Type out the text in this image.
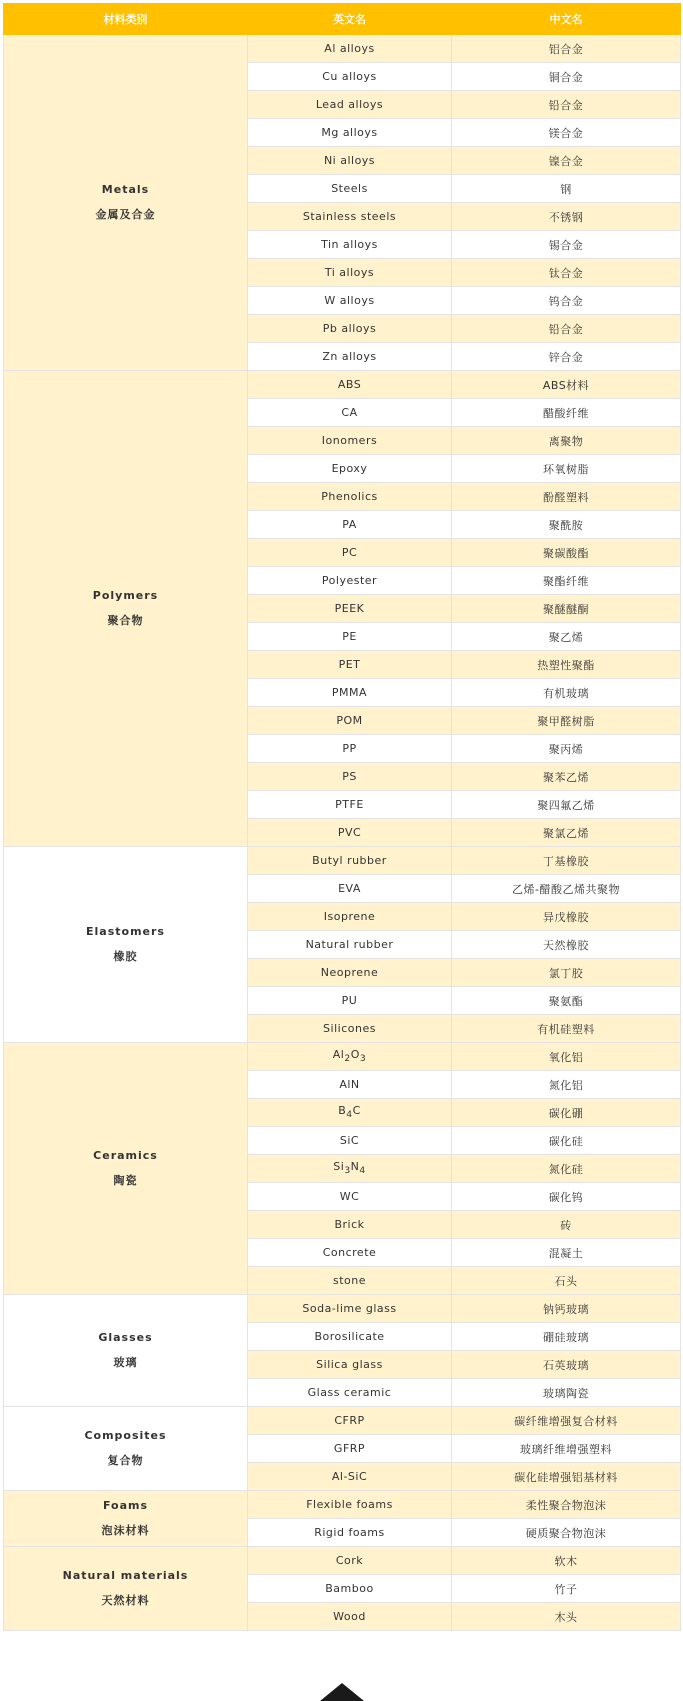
材料类别	英文名	中文名

Metals
金属及合金	Al alloys	铝合金
	Cu alloys	铜合金
	Lead alloys	铅合金
	Mg alloys	镁合金
	Ni alloys	镍合金
	Steels	钢
	Stainless steels	不锈钢
	Tin alloys	锡合金
	Ti alloys	钛合金
	W alloys	钨合金
	Pb alloys	铅合金
	Zn alloys	锌合金

Polymers
聚合物	ABS	ABS材料
	CA	醋酸纤维
	Ionomers	离聚物
	Epoxy	环氧树脂
	Phenolics	酚醛塑料
	PA	聚酰胺
	PC	聚碳酸酯
	Polyester	聚酯纤维
	PEEK	聚醚醚酮
	PE	聚乙烯
	PET	热塑性聚酯
	PMMA	有机玻璃
	POM	聚甲醛树脂
	PP	聚丙烯
	PS	聚苯乙烯
	PTFE	聚四氟乙烯
	PVC	聚氯乙烯

Elastomers
橡胶	Butyl rubber	丁基橡胶
	EVA	乙烯-醋酸乙烯共聚物
	Isoprene	异戊橡胶
	Natural rubber	天然橡胶
	Neoprene	氯丁胶
	PU	聚氨酯
	Silicones	有机硅塑料

Ceramics
陶瓷	$Al_2O_3$	氧化铝
	AlN	氮化铝
	$B_4C$	碳化硼
	SiC	碳化硅
	$Si_3N_4$	氮化硅
	WC	碳化钨
	Brick	砖
	Concrete	混凝土
	stone	石头

Glasses
玻璃	Soda-lime glass	钠钙玻璃
	Borosilicate	硼硅玻璃
	Silica glass	石英玻璃
	Glass ceramic	玻璃陶瓷

Composites
复合物	CFRP	碳纤维增强复合材料
	GFRP	玻璃纤维增强塑料
	Al-SiC	碳化硅增强铝基材料

Foams
泡沫材料	Flexible foams	柔性聚合物泡沫
	Rigid foams	硬质聚合物泡沫

Natural materials
天然材料	Cork	软木
	Bamboo	竹子
	Wood	木头
